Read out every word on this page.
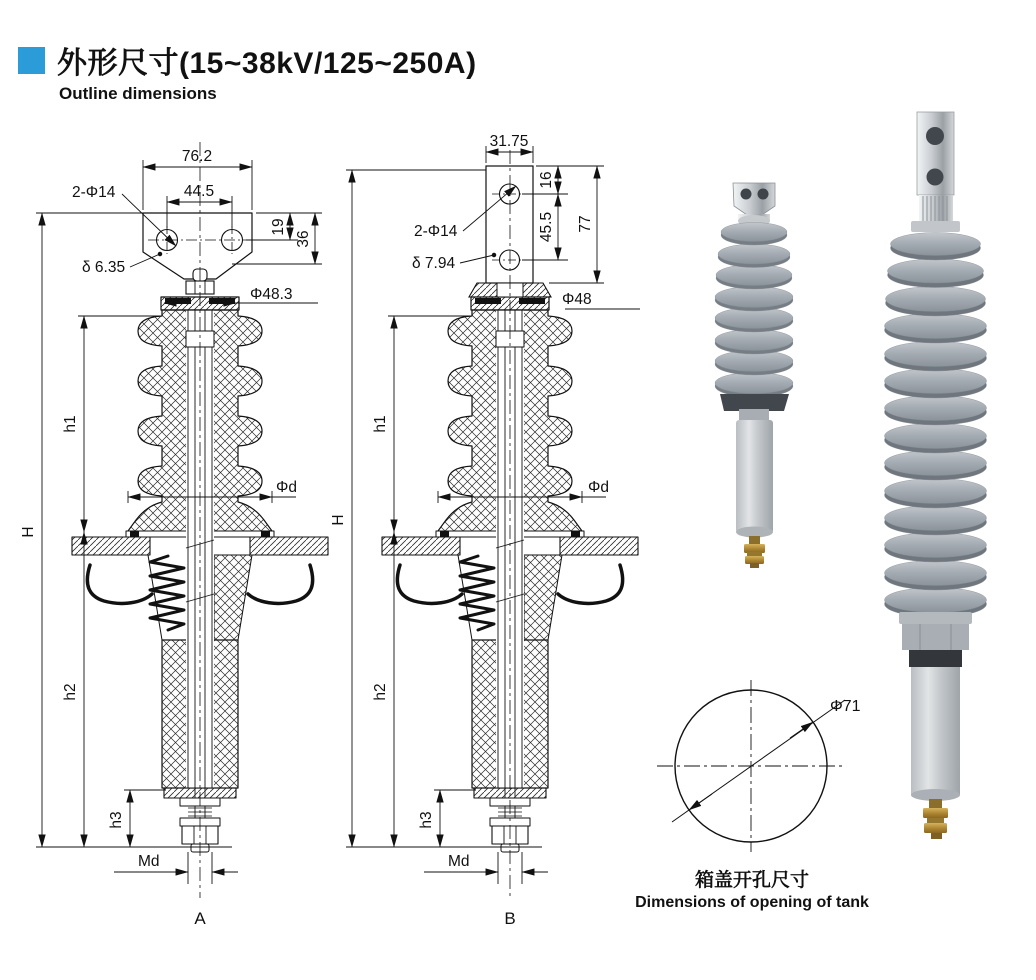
外形尺寸(15~38kV/125~250A)
Outline dimensions
76.2
44.5
2-Φ14
δ 6.35
19
36
Φ48.3
h1
Φd
H
h2
h3
Md
A
31.75
2-Φ14
δ 7.94
16
45.5 77
Φ48
h1
Φd
H
h2
h3
Md
B
Φ71
箱盖开孔尺寸
Dimensions of opening of tank
